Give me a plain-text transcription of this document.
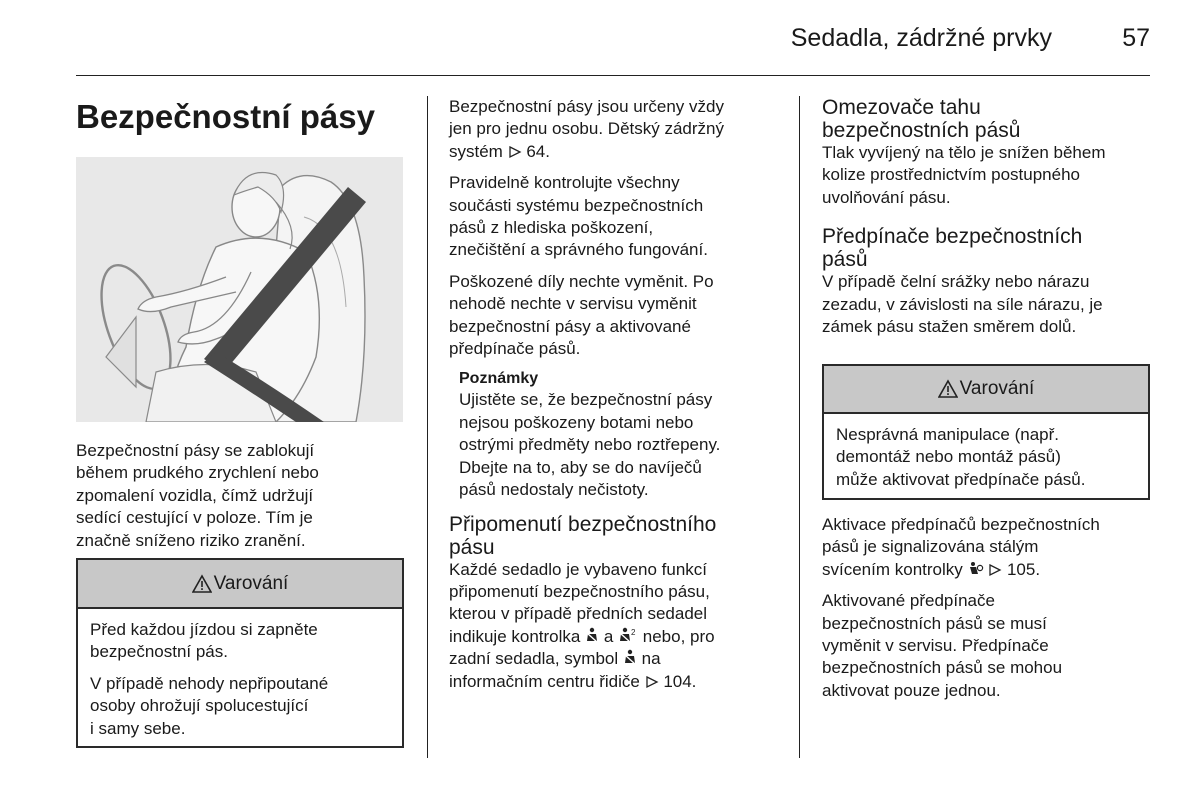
Sedadla, zádržné prvky	57
Bezpečnostní pásy

Bezpečnostní pásy se zablokují

během prudkého zrychlení nebo

zpomalení vozidla, čímž udržují

sedící cestující v poloze. Tím je

značně sníženo riziko zranění.

Varování

Před každou jízdou si zapněte

bezpečnostní pás.

V případě nehody nepřipoutané

osoby ohrožují spolucestující

i samy sebe.

Bezpečnostní pásy jsou určeny vždy

jen pro jednu osobu. Dětský zádržný

systém 64.

Pravidelně kontrolujte všechny

součásti systému bezpečnostních

pásů z hlediska poškození,

znečištění a správného fungování.

Poškozené díly nechte vyměnit. Po

nehodě nechte v servisu vyměnit

bezpečnostní pásy a aktivované

předpínače pásů.

Poznámky

Ujistěte se, že bezpečnostní pásy

nejsou poškozeny botami nebo

ostrými předměty nebo roztřepeny.

Dbejte na to, aby se do navíječů

pásů nedostaly nečistoty.

Připomenutí bezpečnostního
pásu

Každé sedadlo je vybaveno funkcí

připomenutí bezpečnostního pásu,

kterou v případě předních sedadel

indikuje kontrolka a 2 nebo, pro

zadní sedadla, symbol na

informačním centru řidiče 104.

Omezovače tahu
bezpečnostních pásů

Tlak vyvíjený na tělo je snížen během

kolize prostřednictvím postupného

uvolňování pásu.

Předpínače bezpečnostních
pásů

V případě čelní srážky nebo nárazu

zezadu, v závislosti na síle nárazu, je

zámek pásu stažen směrem dolů.

Varování

Nesprávná manipulace (např.

demontáž nebo montáž pásů)

může aktivovat předpínače pásů.

Aktivace předpínačů bezpečnostních

pásů je signalizována stálým

svícením kontrolky	105.

Aktivované předpínače

bezpečnostních pásů se musí

vyměnit v servisu. Předpínače

bezpečnostních pásů se mohou

aktivovat pouze jednou.
